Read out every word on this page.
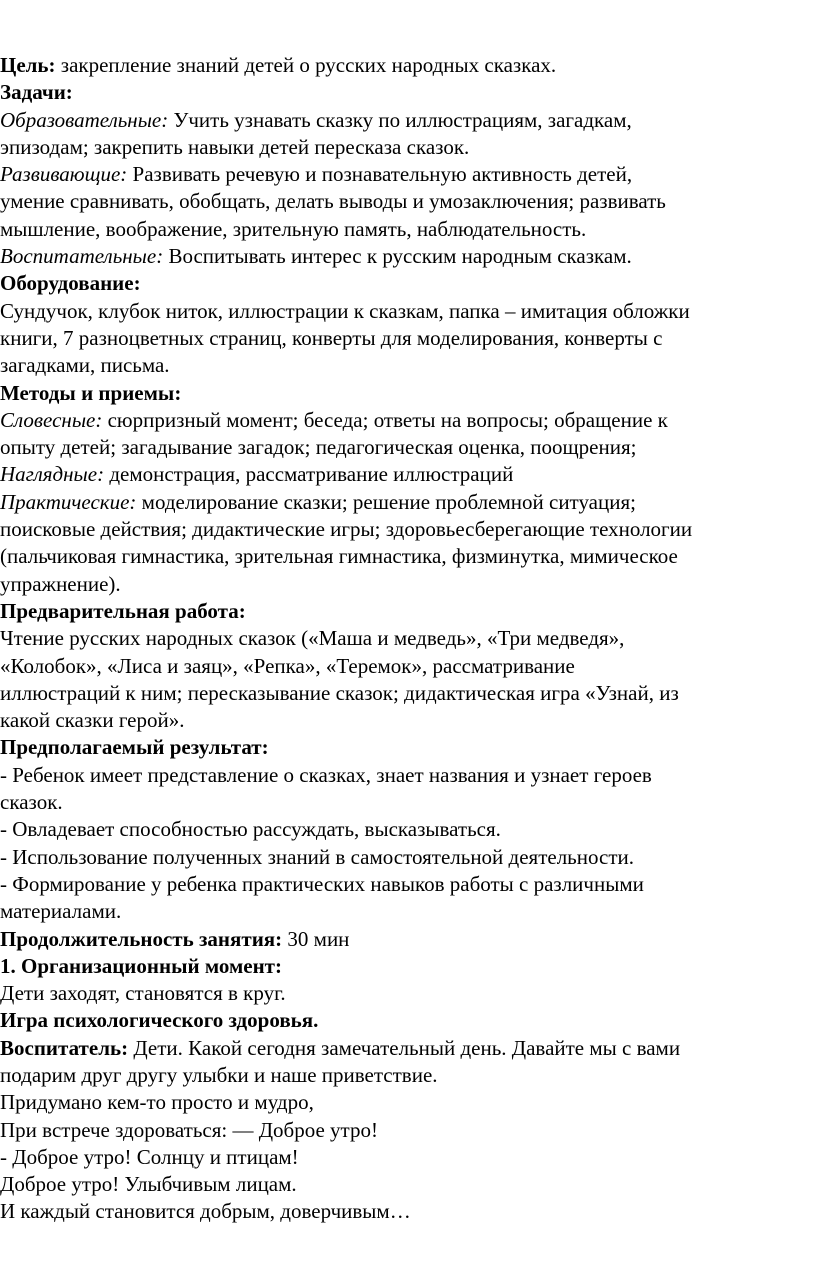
Цель: закрепление знаний детей о русских народных сказках.
Задачи:
Образовательные: Учить узнавать сказку по иллюстрациям, загадкам,
эпизодам; закрепить навыки детей пересказа сказок.
Развивающие: Развивать речевую и познавательную активность детей,
умение сравнивать, обобщать, делать выводы и умозаключения; развивать
мышление, воображение, зрительную память, наблюдательность.
Воспитательные: Воспитывать интерес к русским народным сказкам.
Оборудование:
Сундучок, клубок ниток, иллюстрации к сказкам, папка – имитация обложки
книги, 7 разноцветных страниц, конверты для моделирования, конверты с
загадками, письма.
Методы и приемы:
Словесные: сюрпризный момент; беседа; ответы на вопросы; обращение к
опыту детей; загадывание загадок; педагогическая оценка, поощрения;
Наглядные: демонстрация, рассматривание иллюстраций
Практические: моделирование сказки; решение проблемной ситуация;
поисковые действия; дидактические игры; здоровьесберегающие технологии
(пальчиковая гимнастика, зрительная гимнастика, физминутка, мимическое
упражнение).
Предварительная работа:
Чтение русских народных сказок («Маша и медведь», «Три медведя»,
«Колобок», «Лиса и заяц», «Репка», «Теремок», рассматривание
иллюстраций к ним; пересказывание сказок; дидактическая игра «Узнай, из
какой сказки герой».
Предполагаемый результат:
- Ребенок имеет представление о сказках, знает названия и узнает героев
сказок.
- Овладевает способностью рассуждать, высказываться.
- Использование полученных знаний в самостоятельной деятельности.
- Формирование у ребенка практических навыков работы с различными
материалами.
Продолжительность занятия: 30 мин
1. Организационный момент:
Дети заходят, становятся в круг.
Игра психологического здоровья.
Воспитатель: Дети. Какой сегодня замечательный день. Давайте мы с вами
подарим друг другу улыбки и наше приветствие.
Придумано кем-то просто и мудро,
При встрече здороваться: — Доброе утро!
- Доброе утро! Солнцу и птицам!
Доброе утро! Улыбчивым лицам.
И каждый становится добрым, доверчивым…
